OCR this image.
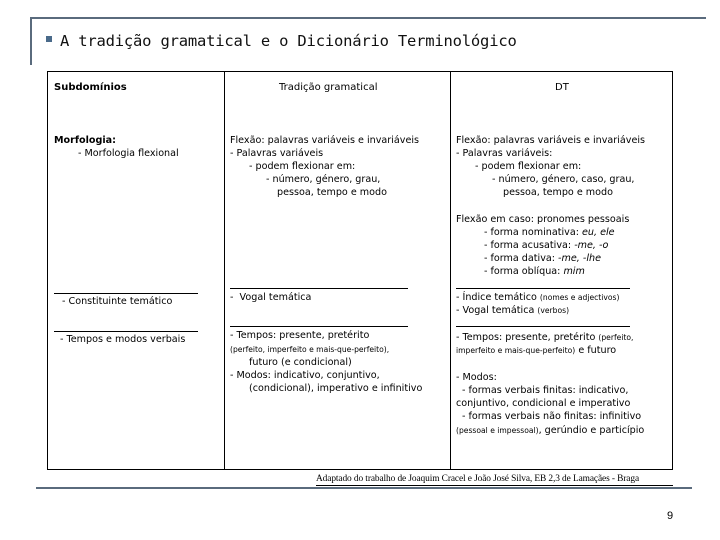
A tradição gramatical e o Dicionário Terminológico
Subdomínios	Tradição gramatical	DT
Morfologia:
- Morfologia flexional
- Constituinte temático
- Tempos e modos verbais
Flexão: palavras variáveis e invariáveis
- Palavras variáveis
- podem flexionar em:
- número, género, grau,
pessoa, tempo e modo
-  Vogal temática
- Tempos: presente, pretérito
(perfeito, imperfeito e mais-que-perfeito),
futuro (e condicional)
- Modos: indicativo, conjuntivo,
(condicional), imperativo e infinitivo
Flexão: palavras variáveis e invariáveis
- Palavras variáveis:
- podem flexionar em:
- número, género, caso, grau,
pessoa, tempo e modo
Flexão em caso: pronomes pessoais
- forma nominativa: eu, ele
- forma acusativa: -me, -o
- forma dativa: -me, -lhe
- forma oblíqua: mim
- Índice temático (nomes e adjectivos)
- Vogal temática (verbos)
- Tempos: presente, pretérito (perfeito,
imperfeito e mais-que-perfeito) e futuro
- Modos:
- formas verbais finitas: indicativo,
conjuntivo, condicional e imperativo
- formas verbais não finitas: infinitivo
(pessoal e impessoal), gerúndio e particípio
Adaptado do trabalho de Joaquim Cracel e João José Silva, EB 2,3 de Lamaçães - Braga
9
